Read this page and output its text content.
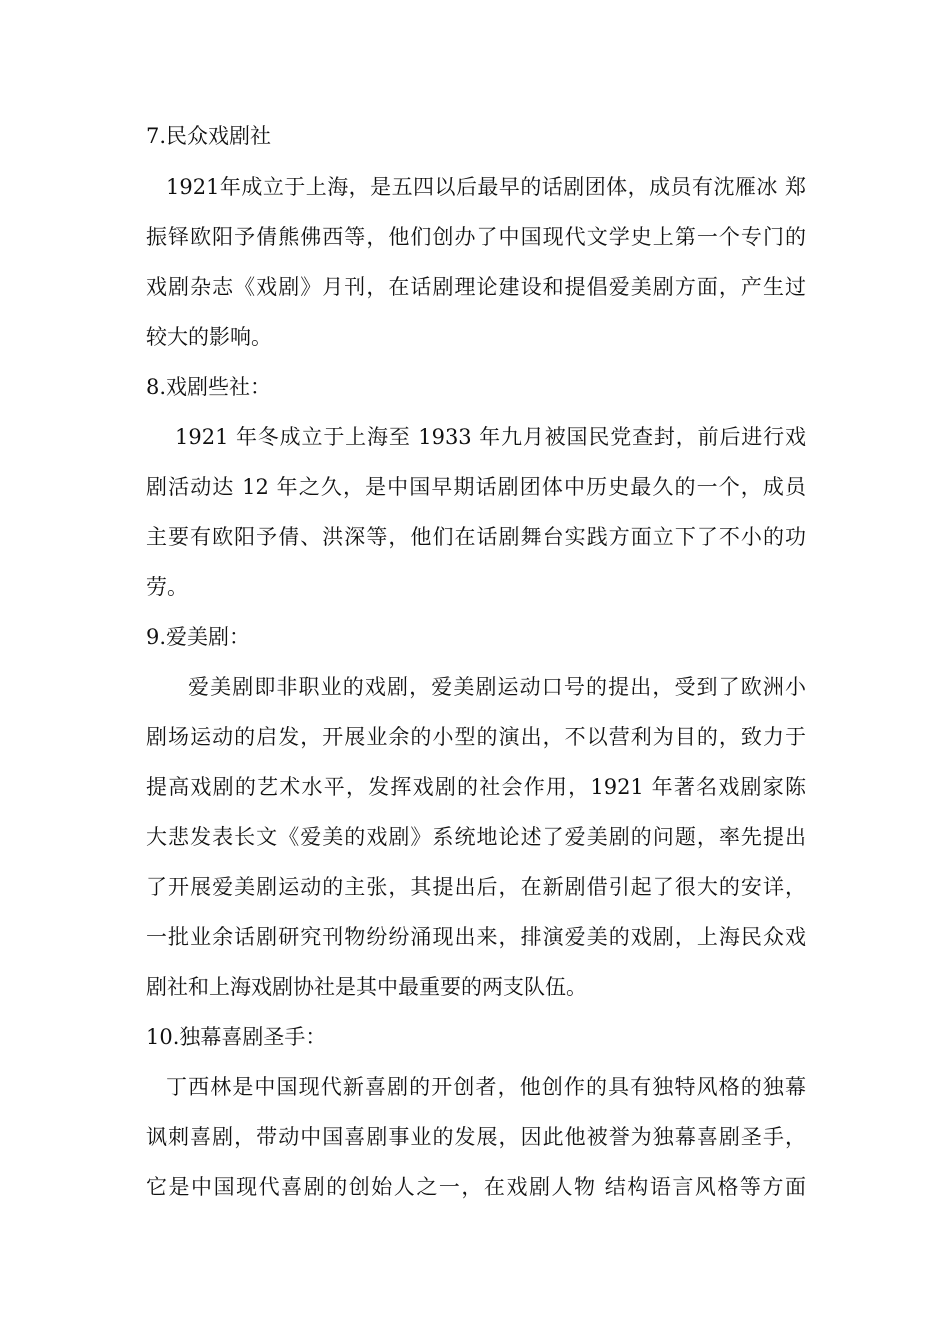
7.民众戏剧社
1921年成立于上海，是五四以后最早的话剧团体，成员有沈雁冰 郑
振铎欧阳予倩熊佛西等，他们创办了中国现代文学史上第一个专门的
戏剧杂志《戏剧》月刊，在话剧理论建设和提倡爱美剧方面，产生过
较大的影响。
8.戏剧些社：
1921 年冬成立于上海至 1933 年九月被国民党查封，前后进行戏
剧活动达 12 年之久，是中国早期话剧团体中历史最久的一个，成员
主要有欧阳予倩、洪深等，他们在话剧舞台实践方面立下了不小的功
劳。
9.爱美剧：
爱美剧即非职业的戏剧，爱美剧运动口号的提出，受到了欧洲小
剧场运动的启发，开展业余的小型的演出，不以营利为目的，致力于
提高戏剧的艺术水平，发挥戏剧的社会作用，1921 年著名戏剧家陈
大悲发表长文《爱美的戏剧》系统地论述了爱美剧的问题，率先提出
了开展爱美剧运动的主张，其提出后，在新剧借引起了很大的安详，
一批业余话剧研究刊物纷纷涌现出来，排演爱美的戏剧，上海民众戏
剧社和上海戏剧协社是其中最重要的两支队伍。
10.独幕喜剧圣手：
丁西林是中国现代新喜剧的开创者，他创作的具有独特风格的独幕
讽刺喜剧，带动中国喜剧事业的发展，因此他被誉为独幕喜剧圣手，
它是中国现代喜剧的创始人之一，在戏剧人物 结构语言风格等方面
